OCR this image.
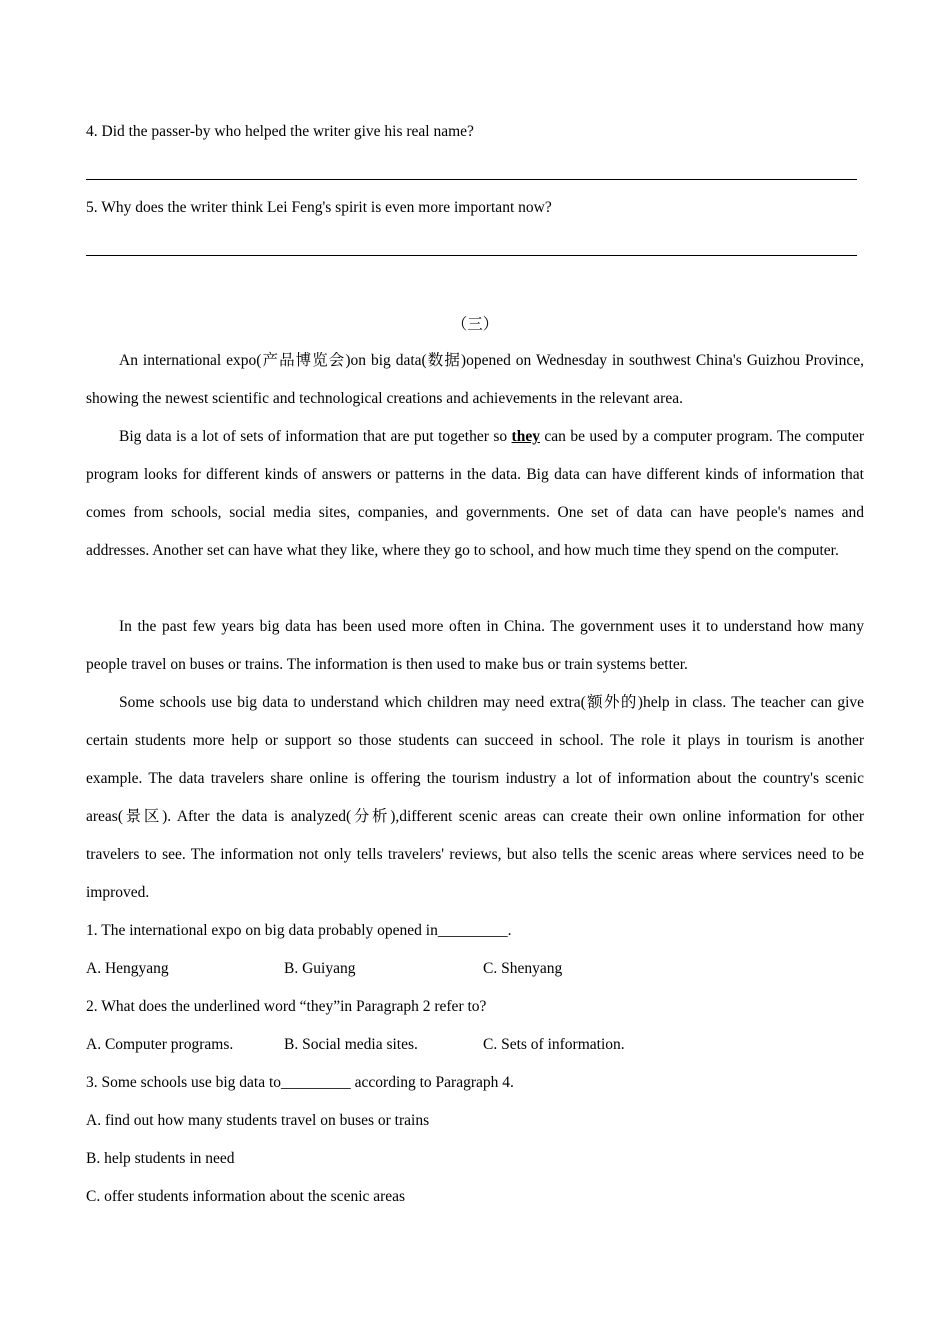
4. Did the passer-by who helped the writer give his real name?
5. Why does the writer think Lei Feng's spirit is even more important now?
（三）
An international expo(产品博览会)on big data(数据)opened on Wednesday in southwest China's Guizhou Province, showing the newest scientific and technological creations and achievements in the relevant area.
Big data is a lot of sets of information that are put together so they can be used by a computer program. The computer program looks for different kinds of answers or patterns in the data. Big data can have different kinds of information that comes from schools, social media sites, companies, and governments. One set of data can have people's names and addresses. Another set can have what they like, where they go to school, and how much time they spend on the computer.
In the past few years big data has been used more often in China. The government uses it to understand how many people travel on buses or trains. The information is then used to make bus or train systems better.
Some schools use big data to understand which children may need extra(额外的)help in class. The teacher can give certain students more help or support so those students can succeed in school. The role it plays in tourism is another example. The data travelers share online is offering the tourism industry a lot of information about the country's scenic areas(景区). After the data is analyzed(分析),different scenic areas can create their own online information for other travelers to see. The information not only tells travelers' reviews, but also tells the scenic areas where services need to be improved.
1. The international expo on big data probably opened in_________.
A. Hengyang	B. Guiyang	C. Shenyang
2. What does the underlined word “they”in Paragraph 2 refer to?
A. Computer programs.	B. Social media sites.	C. Sets of information.
3. Some schools use big data to_________ according to Paragraph 4.
A. find out how many students travel on buses or trains
B. help students in need
C. offer students information about the scenic areas
